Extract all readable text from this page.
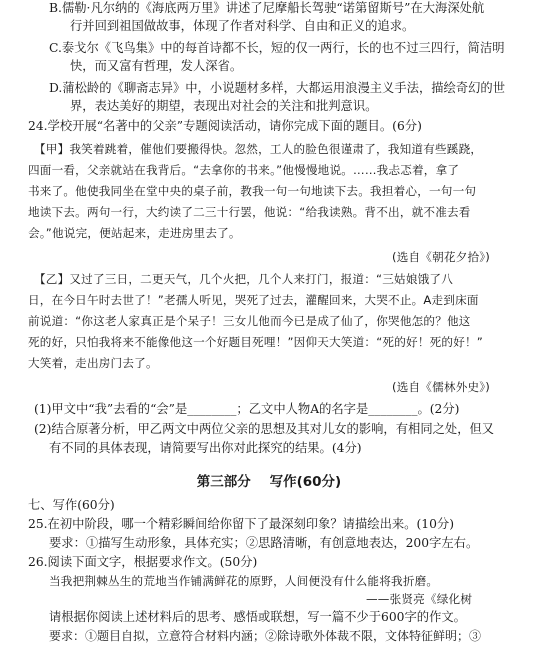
B.儒勒·凡尔纳的《海底两万里》讲述了尼摩船长驾驶“诺第留斯号”在大海深处航
行并回到祖国做故事，体现了作者对科学、自由和正义的追求。
C.泰戈尔《飞鸟集》中的每首诗都不长，短的仅一两行，长的也不过三四行，简洁明
快，而又富有哲理，发人深省。
D.蒲松龄的《聊斋志异》中，小说题材多样，大都运用浪漫主义手法，描绘奇幻的世
界，表达美好的期望，表现出对社会的关注和批判意识。
24.学校开展“名著中的父亲”专题阅读活动，请你完成下面的题目。(6分)
【甲】我笑着跳着，催他们要搬得快。忽然，工人的脸色很谨肃了，我知道有些蹊跷，
四面一看，父亲就站在我背后。“去拿你的书来。”他慢慢地说。……我忐忑着，拿了
书来了。他使我同坐在堂中央的桌子前，教我一句一句地读下去。我担着心，一句一句
地读下去。两句一行，大约读了二三十行罢，他说：“给我读熟。背不出，就不准去看
会。”他说完，便站起来，走进房里去了。
(选自《朝花夕拾》)
【乙】又过了三日，二更天气，几个火把，几个人来打门，报道：“三姑娘饿了八
日，在今日午时去世了！”老孺人听见，哭死了过去，灌醒回来，大哭不止。A走到床面
前说道：“你这老人家真正是个呆子！三女儿他而今已是成了仙了，你哭他怎的？他这
死的好，只怕我将来不能像他这一个好题目死哩！”因仰天大笑道：“死的好！死的好！”
大笑着，走出房门去了。
(选自《儒林外史》)
(1)甲文中“我”去看的“会”是________；乙文中人物A的名字是________。(2分)
(2)结合原著分析，甲乙两文中两位父亲的思想及其对儿女的影响，有相同之处，但又
有不同的具体表现，请简要写出你对此探究的结果。(4分)
第三部分    写作(60分)
七、写作(60分)
25.在初中阶段，哪一个精彩瞬间给你留下了最深刻印象？请描绘出来。(10分)
要求：①描写生动形象，具体充实；②思路清晰，有创意地表达，200字左右。
26.阅读下面文字，根据要求作文。(50分)
当我把荆棘丛生的荒地当作铺满鲜花的原野，人间便没有什么能将我折磨。
——张贤亮《绿化树
请根据你阅读上述材料后的思考、感悟或联想，写一篇不少于600字的作文。
要求：①题目自拟，立意符合材料内涵；②除诗歌外体裁不限，文体特征鲜明；③
